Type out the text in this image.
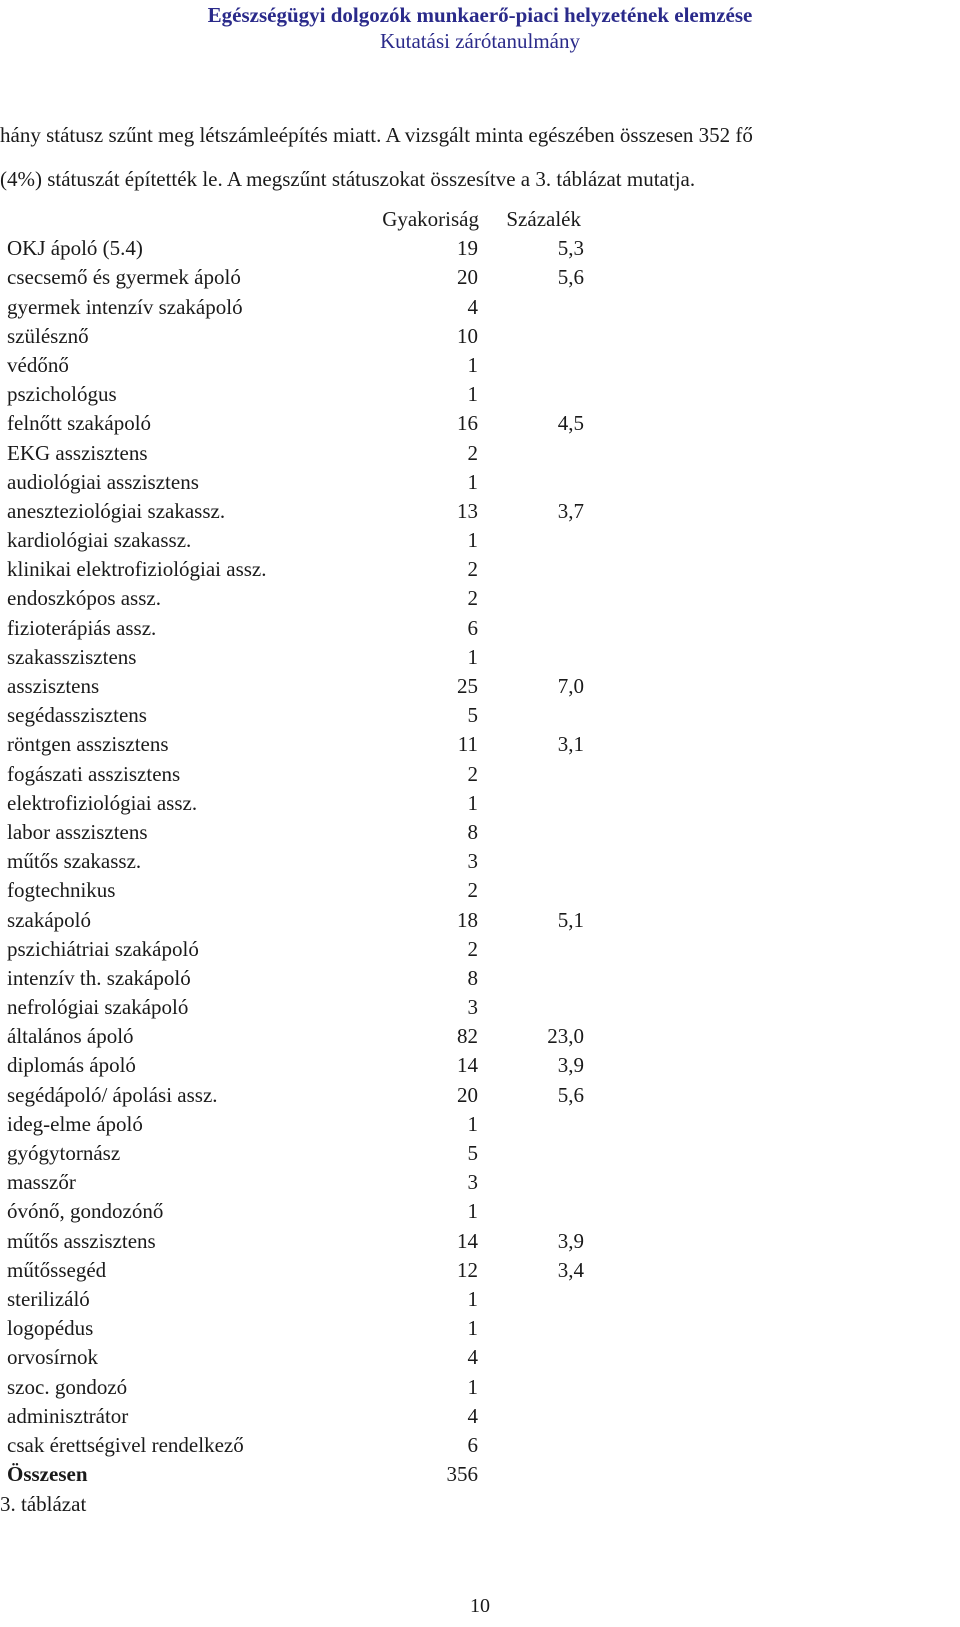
Egészségügyi dolgozók munkaerő-piaci helyzetének elemzése
Kutatási zárótanulmány

hány státusz szűnt meg létszámleépítés miatt. A vizsgált minta egészében összesen 352 fő

(4%) státuszát építették le. A megszűnt státuszokat összesítve a 3. táblázat mutatja.

Gyakoriság Százalék
OKJ ápoló (5.4)	19	5,3
csecsemő és gyermek ápoló	20	5,6
gyermek intenzív szakápoló	4
szülésznő	10
védőnő	1
pszichológus	1
felnőtt szakápoló	16	4,5
EKG asszisztens	2
audiológiai asszisztens	1
aneszteziológiai szakassz.	13	3,7
kardiológiai szakassz.	1
klinikai elektrofiziológiai assz.	2
endoszkópos assz.	2
fizioterápiás assz.	6
szakasszisztens	1
asszisztens	25	7,0
segédasszisztens	5
röntgen asszisztens	11	3,1
fogászati asszisztens	2
elektrofiziológiai assz.	1
labor asszisztens	8
műtős szakassz.	3
fogtechnikus	2
szakápoló	18	5,1
pszichiátriai szakápoló	2
intenzív th. szakápoló	8
nefrológiai szakápoló	3
általános ápoló	82	23,0
diplomás ápoló	14	3,9
segédápoló/ ápolási assz.	20	5,6
ideg-elme ápoló	1
gyógytornász	5
masszőr	3
óvónő, gondozónő	1
műtős asszisztens	14	3,9
műtőssegéd	12	3,4
sterilizáló	1
logopédus	1
orvosírnok	4
szoc. gondozó	1
adminisztrátor	4
csak érettségivel rendelkező	6
Összesen	356
3. táblázat
10
